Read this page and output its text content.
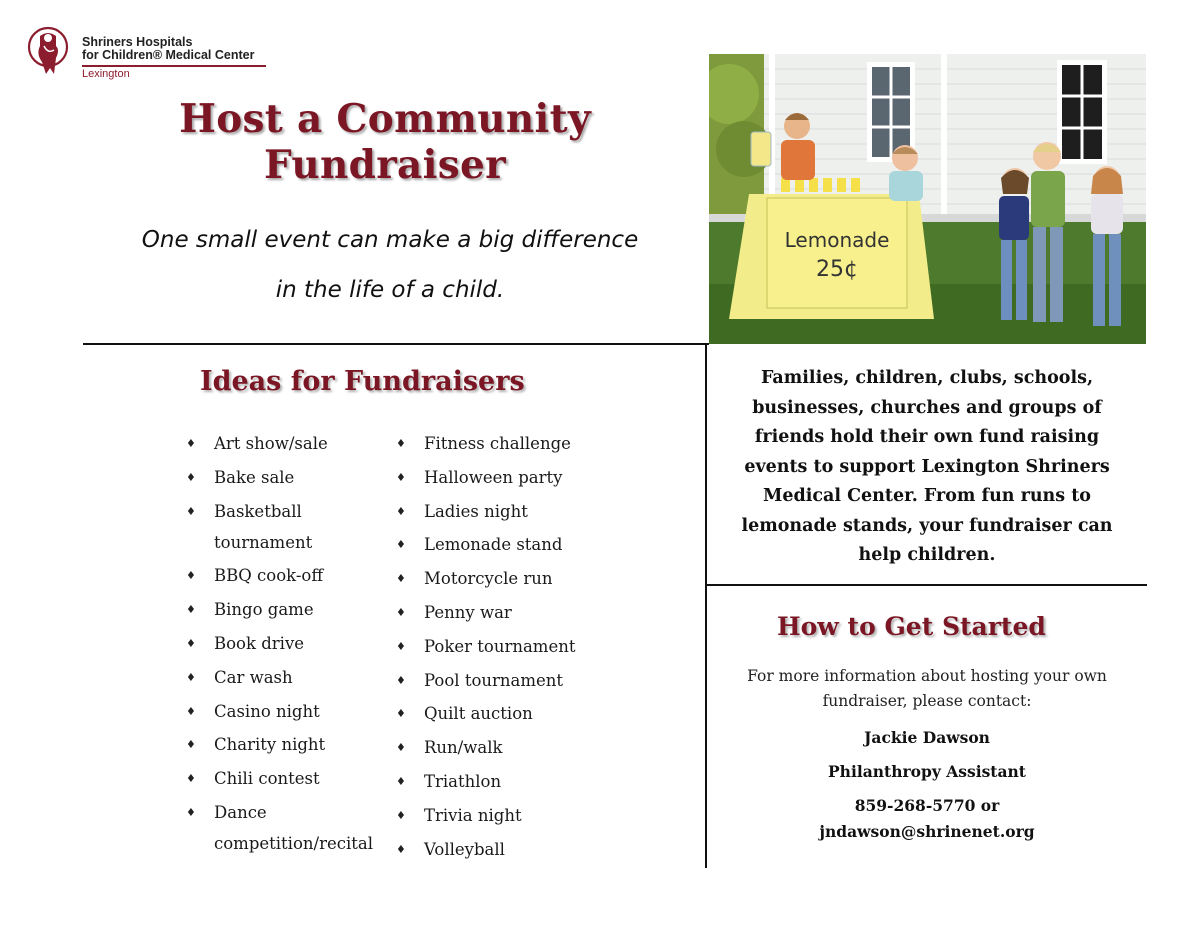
Shriners Hospitals
for Children® Medical Center
Lexington
Host a Community
Fundraiser
One small event can make a big difference
in the life of a child.
Lemonade
25¢
Ideas for Fundraisers
♦ Art show/sale
♦ Bake sale
♦ Basketball tournament
♦ BBQ cook-off
♦ Bingo game
♦ Book drive
♦ Car wash
♦ Casino night
♦ Charity night
♦ Chili contest
♦ Dance competition/recital
♦ Fitness challenge
♦ Halloween party
♦ Ladies night
♦ Lemonade stand
♦ Motorcycle run
♦ Penny war
♦ Poker tournament
♦ Pool tournament
♦ Quilt auction
♦ Run/walk
♦ Triathlon
♦ Trivia night
♦ Volleyball
Families, children, clubs, schools, businesses, churches and groups of friends hold their own fund raising events to support Lexington Shriners Medical Center. From fun runs to lemonade stands, your fundraiser can help children.
How to Get Started
For more information about hosting your own fundraiser, please contact:
Jackie Dawson
Philanthropy Assistant
859-268-5770 or
jndawson@shrinenet.org
